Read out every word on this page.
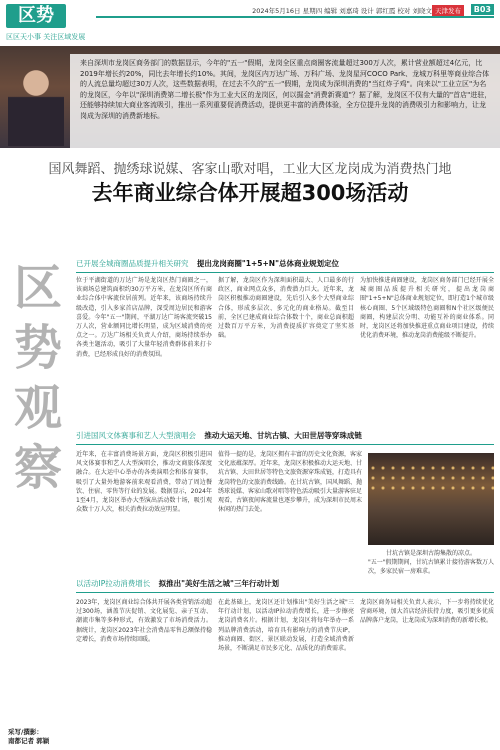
区势
区区天小事 关注区域发展
2024年5月16日 星期四 编辑 刘嘉琦 设计 郭红霞 校对 刘晓文 天津发布	B03
来自深圳市龙岗区商务部门的数据显示，今年的"五一"假期，龙岗全区重点商圈客流量超过300万人次，累计营业额超过4亿元，比2019年增长约20%，同比去年增长约10%。其间，龙岗区内万达广场、万科广场、龙岗星河COCO Park、龙城万科里等商业综合体的人流总量均超过30万人次，这些数据表明，在过去不久的"五一"假期，龙岗成为深圳消费的"当红炸子鸡"。向来以"工业立区"为名的龙岗区，今年以"深圳消费第二增长极"作为工业大区的龙岗区，何以掘金"消费新赛道"？据了解，龙岗区不仅有大量的"首店"进驻，还能够持续加大商业客流吸引，推出一系列重要促消费活动，提供更丰富的消费体验，全方位提升龙岗的消费吸引力和影响力，让龙岗成为深圳的消费新地标。
国风舞蹈、抛绣球说媒、客家山歌对唱，工业大区龙岗成为消费热门地
去年商业综合体开展超300场活动
区
势
观
察
已开展全城商圈品质提升相关研究 提出龙岗商圈"1+5+N"总体商业规划定位
位于平湖街道的万达广场是龙岗区热门商圈之一，该商场总建筑面积约30万平方米，在龙岗区所有商业综合体中客流位居前列。近年来，该商场持续升级改造，引入多家首店品牌，深受周边居民和游客喜爱。今年"五一"期间，平湖万达广场客流突破15万人次，营业额同比增长明显，成为区域消费的亮点之一。万达广场相关负责人介绍，商场持续举办各类主题活动，吸引了大量年轻消费群体前来打卡消费，已经形成良好的消费氛围。
据了解，龙岗区作为深圳面积最大、人口最多的行政区，商业网点众多，消费潜力巨大。近年来，龙岗区积极推动商圈建设，先后引入多个大型商业综合体，形成多层次、多元化的商业格局。截至目前，全区已建成商业综合体数十个，商业总面积超过数百万平方米，为消费提质扩容奠定了坚实基础。
为加快推进商圈建设，龙岗区商务部门已经开展全城商圈品质提升相关研究，提出龙岗商圈"1+5+N"总体商业规划定位，即打造1个城市级核心商圈、5个区域级特色商圈和N个社区级便民商圈，构建层次分明、功能互补的商业体系。同时，龙岗区还将加快推进重点商业项目建设，持续优化消费环境，推动龙岗消费能级不断提升。
引进国风文体赛事和艺人大型演唱会 推动大运天地、甘坑古镇、大田世居等穿珠成链
近年来，在丰富消费场景方面，龙岗区积极引进国风文体赛事和艺人大型演唱会，推动文商旅体深度融合。在大运中心举办的各类演唱会和体育赛事，吸引了大量外地游客前来观看消费，带动了周边餐饮、住宿、零售等行业的发展。数据显示，2024年1至4月，龙岗区举办大型演出活动数十场，吸引观众数十万人次，相关消费拉动效应明显。
值得一提的是，龙岗区拥有丰富的历史文化资源，客家文化底蕴深厚。近年来，龙岗区积极推动大运天地、甘坑古镇、大田世居等特色文旅资源穿珠成链，打造具有龙岗特色的文旅消费线路。在甘坑古镇，国风舞蹈、抛绣球说媒、客家山歌对唱等特色活动吸引大量游客驻足观看，古镇夜间客流量也逐步攀升，成为深圳市民周末休闲的热门去处。
甘坑古镇是深圳古韵集散的凉点。
"五一"假期期间，甘坑古镇累计接待游客数万人次，多家民宿一房难求。
以活动IP拉动消费增长 拟推出"美好生活之城"三年行动计划
2023年，龙岗区商业综合体共开展各类营销活动超过300场，涵盖节庆促销、文化展览、亲子互动、潮流市集等多种形式，有效激发了市场消费活力。据统计，龙岗区2023年社会消费品零售总额保持稳定增长，消费市场持续回暖。
在此基础上，龙岗区还计划推出"美好生活之城"三年行动计划，以活动IP拉动消费增长，进一步擦亮龙岗消费名片。根据计划，龙岗区将每年举办一系列品牌消费活动，培育具有影响力的消费节庆IP，推动商圈、街区、景区联动发展，打造全域消费新场景，不断满足市民多元化、品质化的消费需求。
龙岗区商务局相关负责人表示，下一步将持续优化营商环境，加大首店经济扶持力度，吸引更多优质品牌落户龙岗，让龙岗成为深圳消费的新增长极。
采写/撰影：
南都记者 郭颖
